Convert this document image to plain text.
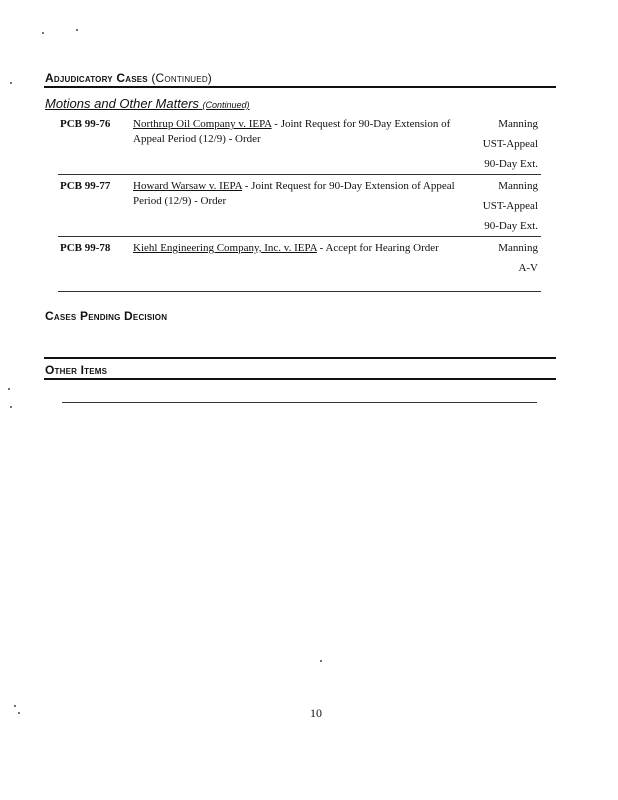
Adjudicatory Cases (Continued)
Motions and Other Matters (Continued)
PCB 99-76 Northrup Oil Company v. IEPA - Joint Request for 90-Day Extension of Appeal Period (12/9) - Order
Manning
UST-Appeal
90-Day Ext.
PCB 99-77 Howard Warsaw v. IEPA - Joint Request for 90-Day Extension of Appeal Period (12/9) - Order
Manning
UST-Appeal
90-Day Ext.
PCB 99-78 Kiehl Engineering Company, Inc. v. IEPA - Accept for Hearing Order	Manning
A-V
Cases Pending Decision
Other Items
10
